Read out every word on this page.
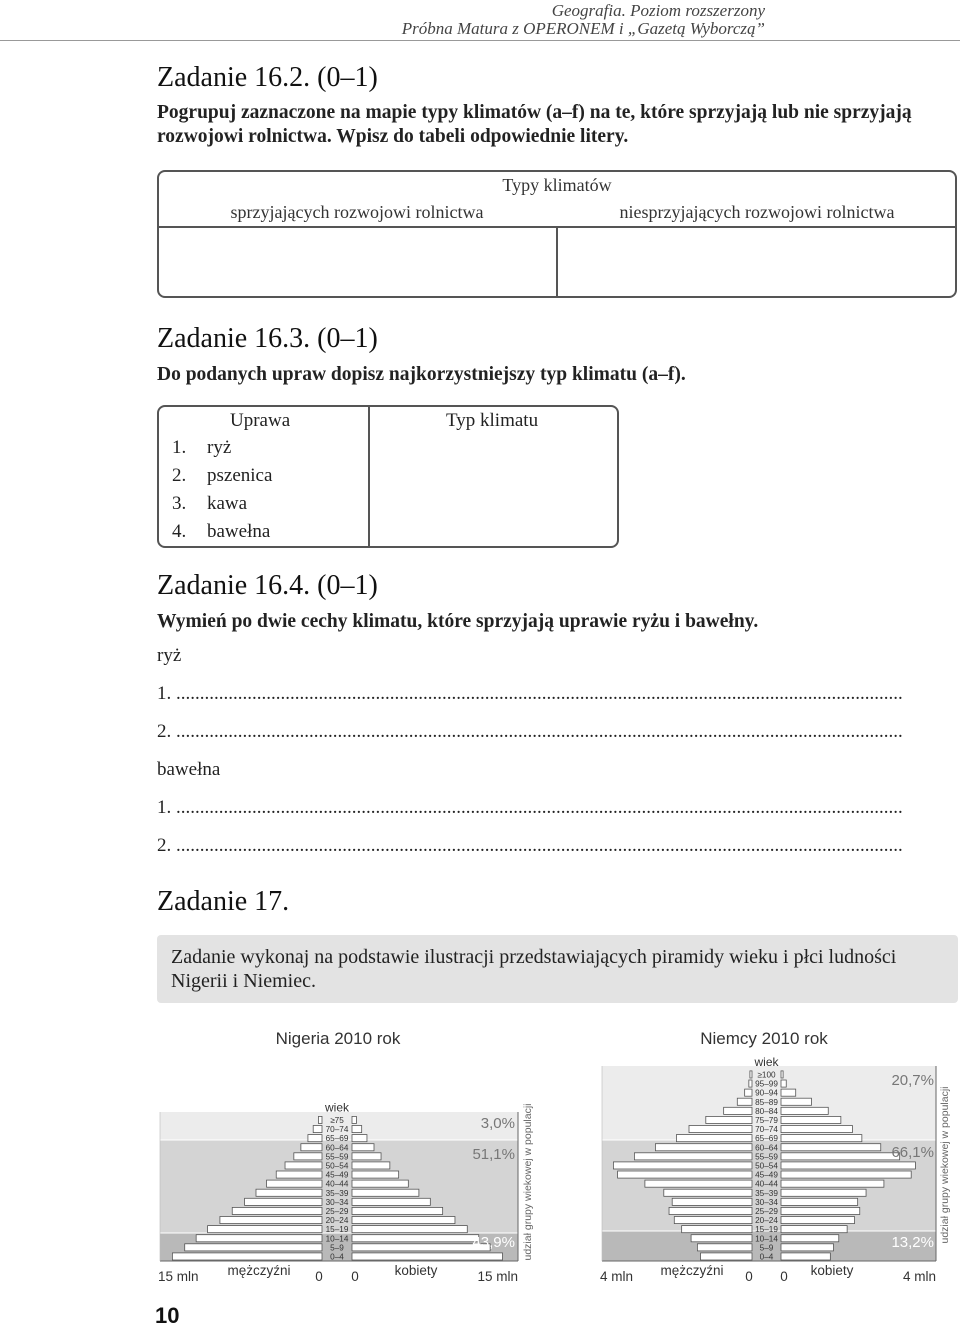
Geografia. Poziom rozszerzony
Próbna Matura z OPERONEM i „Gazetą Wyborczą”
Zadanie 16.2. (0–1)
Pogrupuj zaznaczone na mapie typy klimatów (a–f) na te, które sprzyjają lub nie sprzyjają
rozwojowi rolnictwa. Wpisz do tabeli odpowiednie litery.
Typy klimatów
sprzyjających rozwojowi rolnictwa	niesprzyjających rozwojowi rolnictwa
Zadanie 16.3. (0–1)
Do podanych upraw dopisz najkorzystniejszy typ klimatu (a–f).
Uprawa	Typ klimatu
1. ryż
2. pszenica
3. kawa
4. bawełna
Zadanie 16.4. (0–1)
Wymień po dwie cechy klimatu, które sprzyjają uprawie ryżu i bawełny.
ryż
1. .........................................................................................................................................................
2. .........................................................................................................................................................
bawełna
1. .........................................................................................................................................................
2. .........................................................................................................................................................
Zadanie 17.
Zadanie wykonaj na podstawie ilustracji przedstawiających piramidy wieku i płci ludności Nigerii i Niemiec.
≥75
70–74
65–69
60–64
55–59
50–54
45–49
40–44
35–39
30–34
25–29
20–24
15–19
10–14
5–9
0–4
Nigeria 2010 rok
wiek
3,0%
51,1%
43,9%
15 mln	15 mln
0 0
mężczyźni	kobiety
udział grupy wiekowej w populacji
≥100
95–99
90–94
85–89
80–84
75–79
70–74
65–69
60–64
55–59
50–54
45–49
40–44
35–39
30–34
25–29
20–24
15–19
10–14
5–9
0–4
Niemcy 2010 rok
wiek
20,7%
66,1%
13,2%
4 mln	4 mln
0 0
mężczyźni	kobiety
udział grupy wiekowej w populacji
10
